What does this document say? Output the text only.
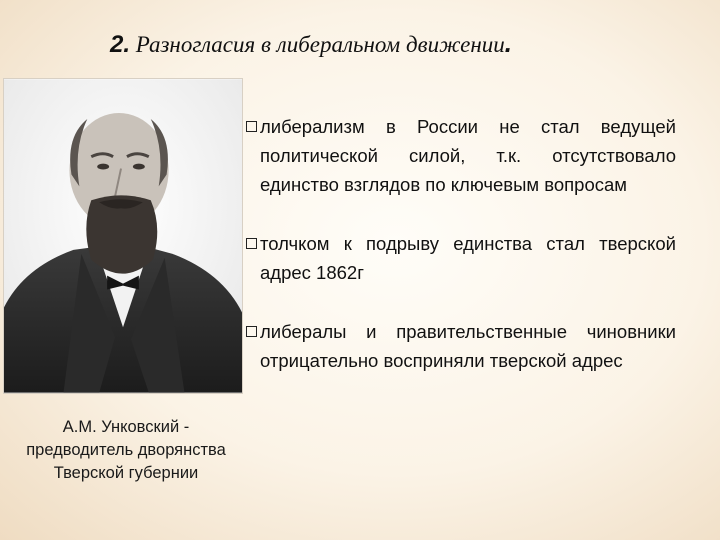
2. Разногласия в либеральном движении.
А.М. Унковский - предводитель дворянства Тверской губернии
либерализм в России не стал ведущей политической силой, т.к. отсутствовало единство взглядов по ключевым вопросам
толчком к подрыву единства стал тверской адрес 1862г
либералы и правительственные чиновники отрицательно восприняли тверской адрес
